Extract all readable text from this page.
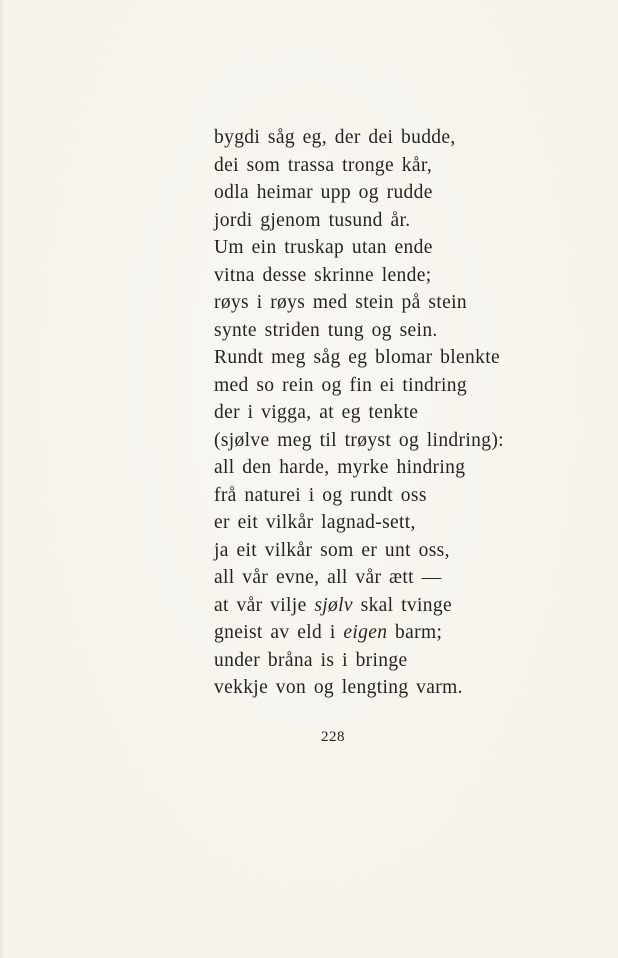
bygdi såg eg, der dei budde,
dei som trassa tronge kår,
odla heimar upp og rudde
jordi gjenom tusund år.
Um ein truskap utan ende
vitna desse skrinne lende;
røys i røys med stein på stein
synte striden tung og sein.
Rundt meg såg eg blomar blenkte
med so rein og fin ei tindring
der i vigga, at eg tenkte
(sjølve meg til trøyst og lindring):
all den harde, myrke hindring
frå naturei i og rundt oss
er eit vilkår lagnad-sett,
ja eit vilkår som er unt oss,
all vår evne, all vår ætt —
at vår vilje sjølv skal tvinge
gneist av eld i eigen barm;
under bråna is i bringe
vekkje von og lengting varm.
228
